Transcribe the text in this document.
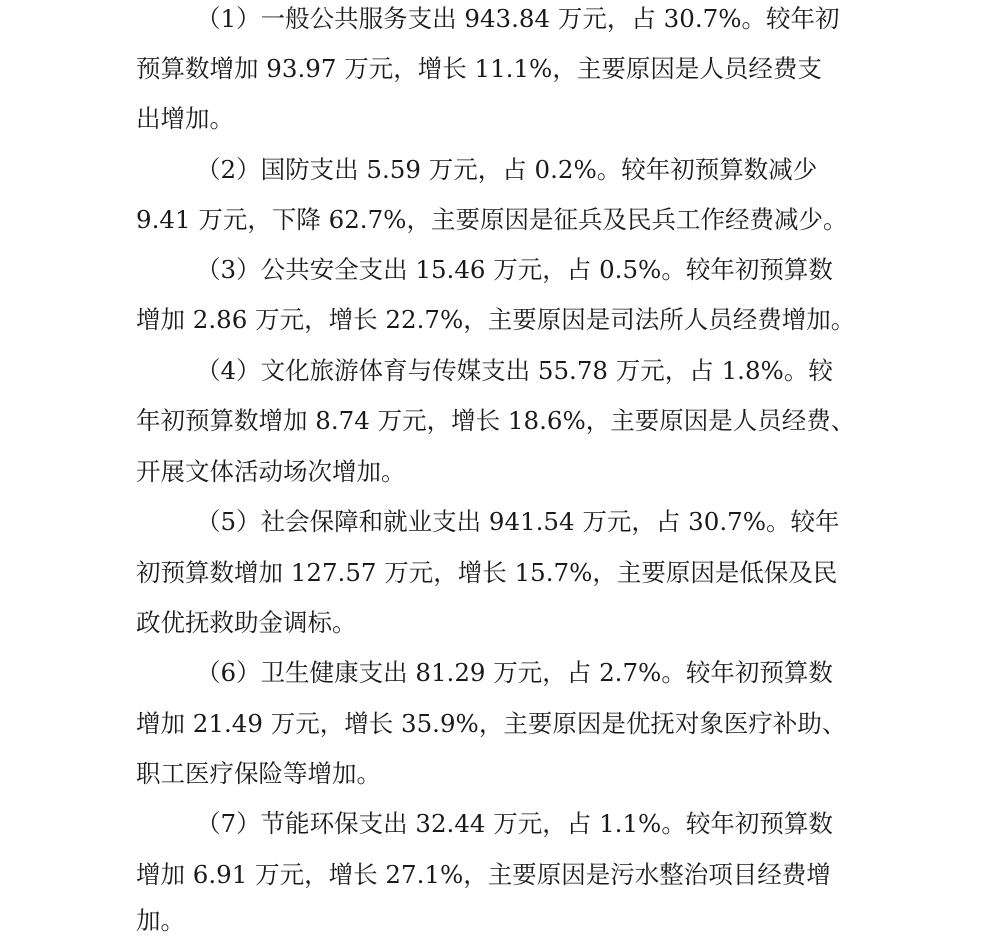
（1）一般公共服务支出 943.84 万元，占 30.7%。较年初
预算数增加 93.97 万元，增长 11.1%，主要原因是人员经费支
出增加。
（2）国防支出 5.59 万元，占 0.2%。较年初预算数减少
9.41 万元，下降 62.7%，主要原因是征兵及民兵工作经费减少。
（3）公共安全支出 15.46 万元，占 0.5%。较年初预算数
增加 2.86 万元，增长 22.7%，主要原因是司法所人员经费增加。
（4）文化旅游体育与传媒支出 55.78 万元，占 1.8%。较
年初预算数增加 8.74 万元，增长 18.6%，主要原因是人员经费、
开展文体活动场次增加。
（5）社会保障和就业支出 941.54 万元，占 30.7%。较年
初预算数增加 127.57 万元，增长 15.7%，主要原因是低保及民
政优抚救助金调标。
（6）卫生健康支出 81.29 万元，占 2.7%。较年初预算数
增加 21.49 万元，增长 35.9%，主要原因是优抚对象医疗补助、
职工医疗保险等增加。
（7）节能环保支出 32.44 万元，占 1.1%。较年初预算数
增加 6.91 万元，增长 27.1%，主要原因是污水整治项目经费增
加。
